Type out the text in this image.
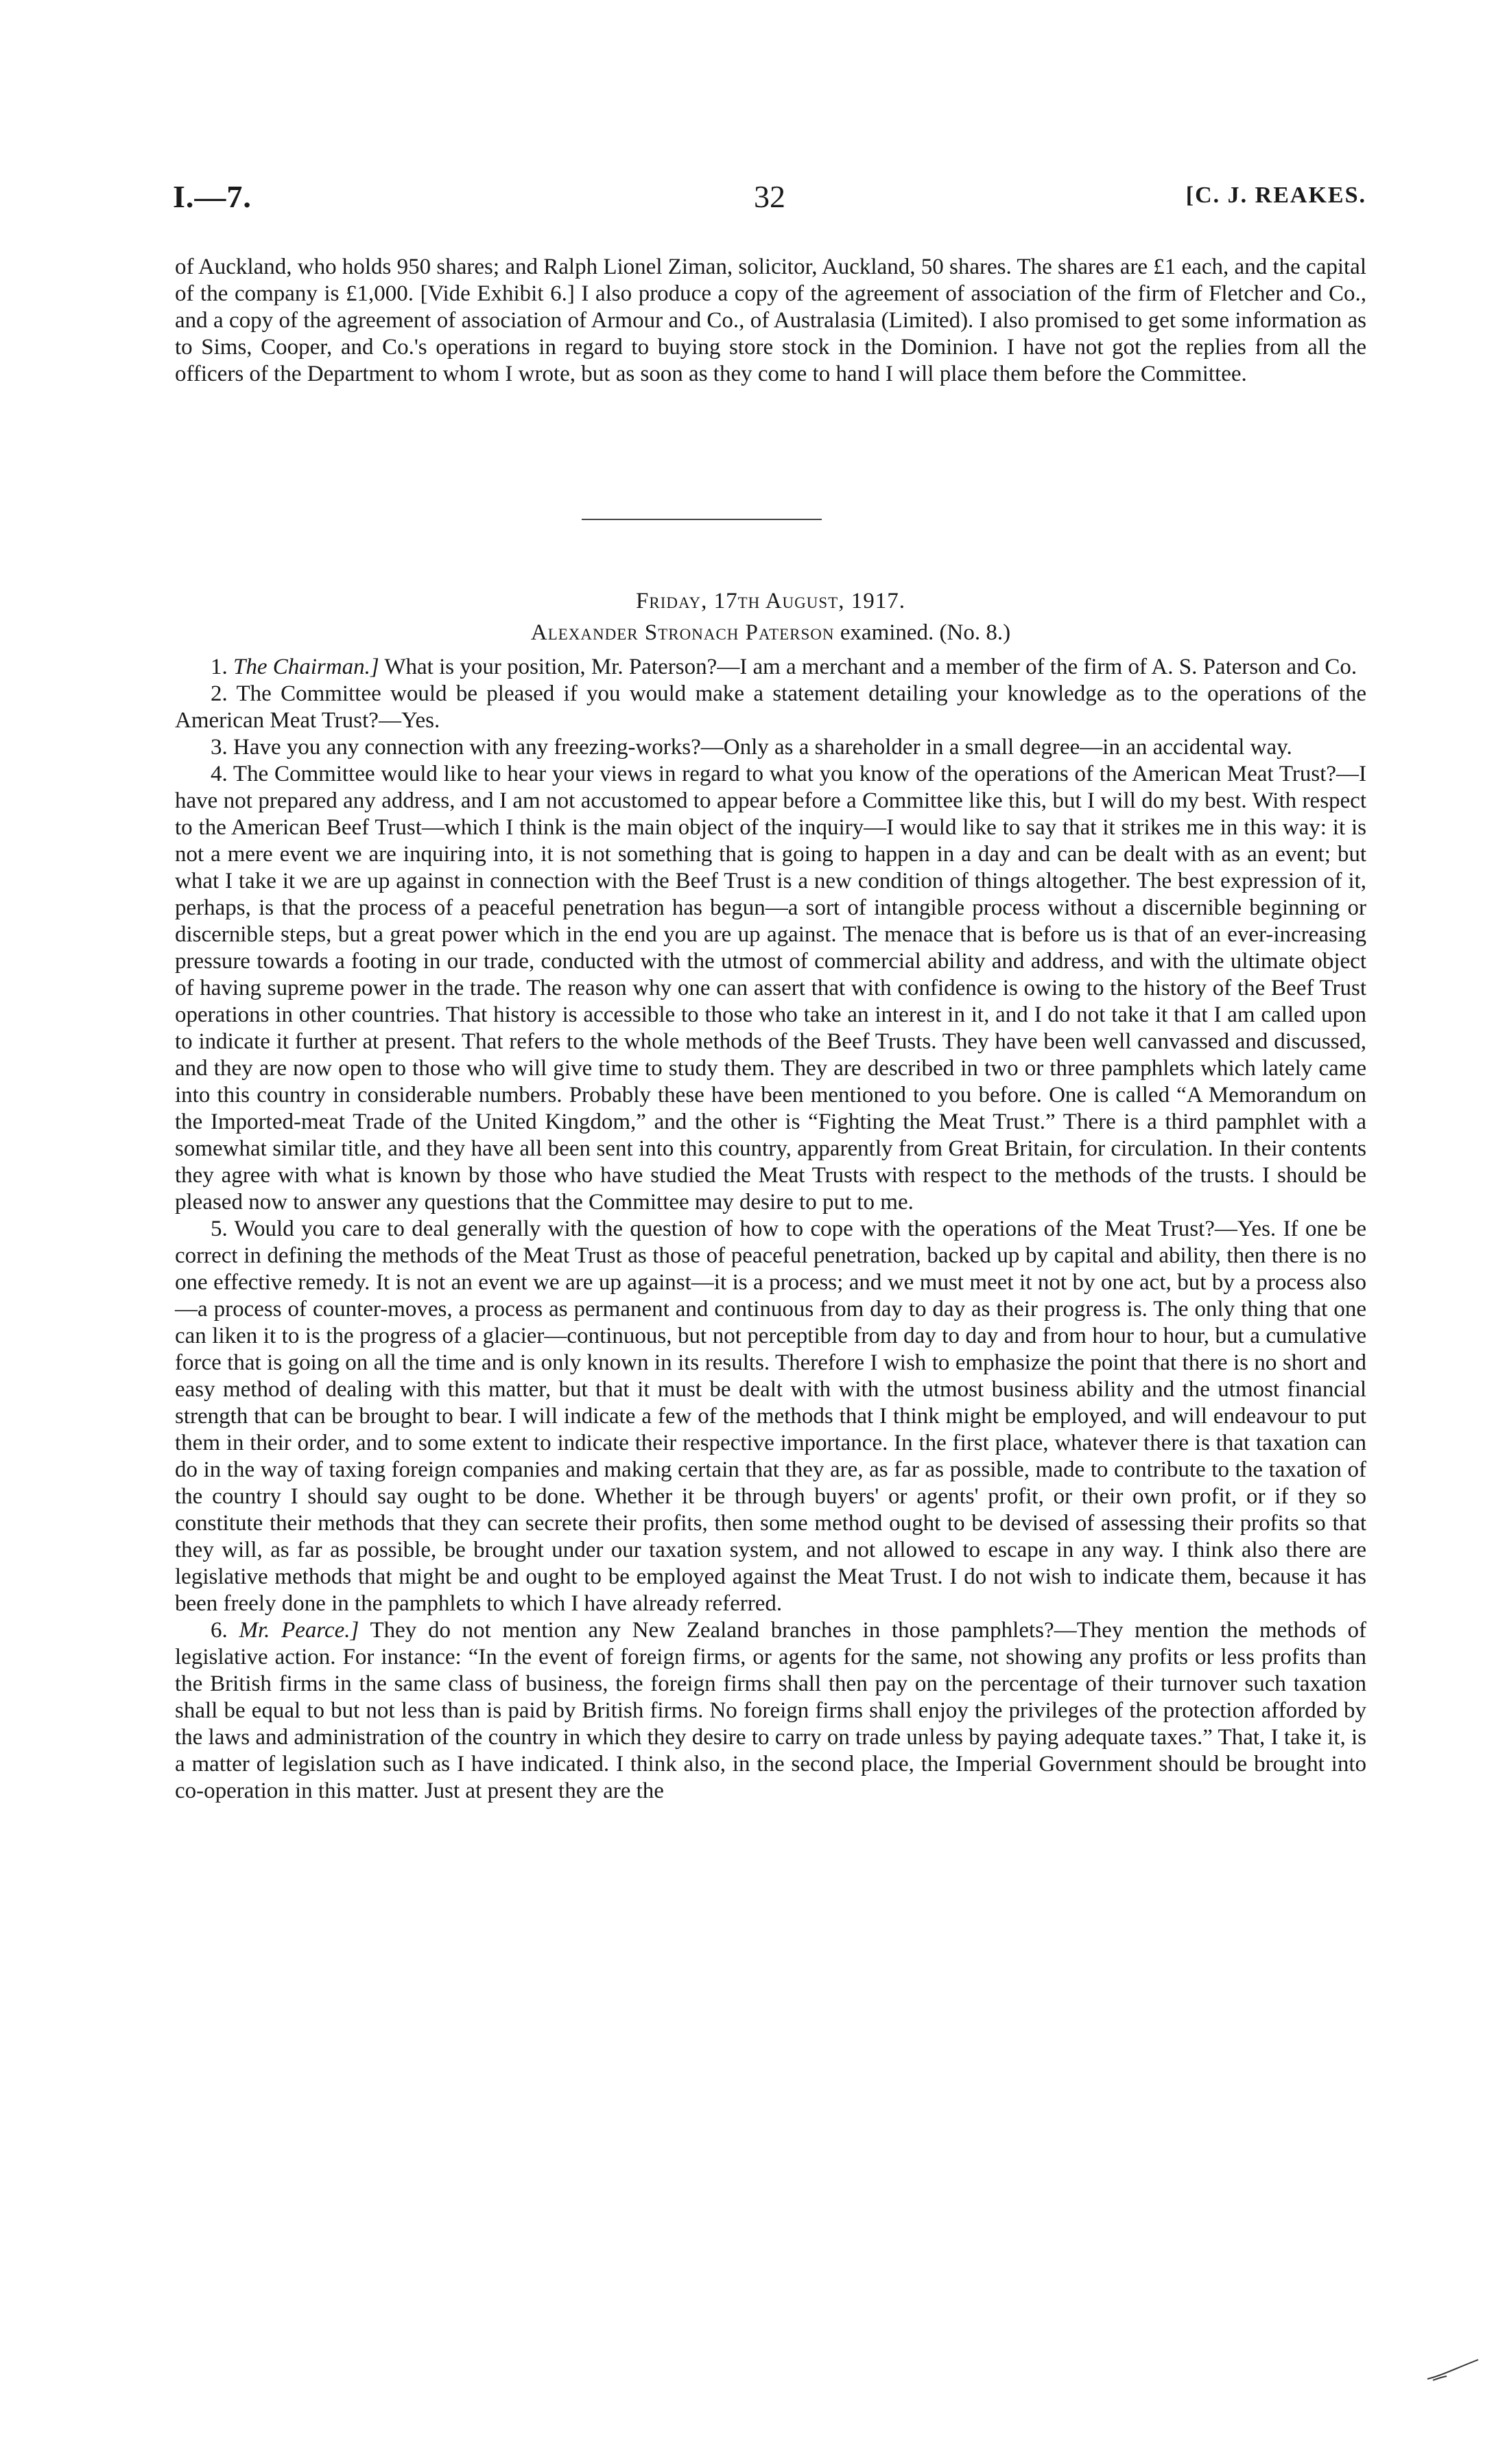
I.—7.	32	[C. J. REAKES.

of Auckland, who holds 950 shares; and Ralph Lionel Ziman, solicitor, Auckland, 50 shares. The shares are £1 each, and the capital of the company is £1,000. [Vide Exhibit 6.] I also produce a copy of the agreement of association of the firm of Fletcher and Co., and a copy of the agreement of association of Armour and Co., of Australasia (Limited). I also promised to get some information as to Sims, Cooper, and Co.'s operations in regard to buying store stock in the Dominion. I have not got the replies from all the officers of the Department to whom I wrote, but as soon as they come to hand I will place them before the Committee.

Friday, 17th August, 1917.
Alexander Stronach Paterson examined. (No. 8.)

1. The Chairman.] What is your position, Mr. Paterson?—I am a merchant and a member of the firm of A. S. Paterson and Co.

2. The Committee would be pleased if you would make a statement detailing your knowledge as to the operations of the American Meat Trust?—Yes.

3. Have you any connection with any freezing-works?—Only as a shareholder in a small degree—in an accidental way.

4. The Committee would like to hear your views in regard to what you know of the operations of the American Meat Trust?—I have not prepared any address, and I am not accustomed to appear before a Committee like this, but I will do my best. With respect to the American Beef Trust—which I think is the main object of the inquiry—I would like to say that it strikes me in this way: it is not a mere event we are inquiring into, it is not something that is going to happen in a day and can be dealt with as an event; but what I take it we are up against in connection with the Beef Trust is a new condition of things altogether. The best expression of it, perhaps, is that the process of a peaceful penetration has begun—a sort of intangible process without a discernible beginning or discernible steps, but a great power which in the end you are up against. The menace that is before us is that of an ever-increasing pressure towards a footing in our trade, conducted with the utmost of commercial ability and address, and with the ultimate object of having supreme power in the trade. The reason why one can assert that with confidence is owing to the history of the Beef Trust operations in other countries. That history is accessible to those who take an interest in it, and I do not take it that I am called upon to indicate it further at present. That refers to the whole methods of the Beef Trusts. They have been well canvassed and discussed, and they are now open to those who will give time to study them. They are described in two or three pamphlets which lately came into this country in considerable numbers. Probably these have been mentioned to you before. One is called “A Memorandum on the Imported-meat Trade of the United Kingdom,” and the other is “Fighting the Meat Trust.” There is a third pamphlet with a somewhat similar title, and they have all been sent into this country, apparently from Great Britain, for circulation. In their contents they agree with what is known by those who have studied the Meat Trusts with respect to the methods of the trusts. I should be pleased now to answer any questions that the Committee may desire to put to me.

5. Would you care to deal generally with the question of how to cope with the operations of the Meat Trust?—Yes. If one be correct in defining the methods of the Meat Trust as those of peaceful penetration, backed up by capital and ability, then there is no one effective remedy. It is not an event we are up against—it is a process; and we must meet it not by one act, but by a process also—a process of counter-moves, a process as permanent and continuous from day to day as their progress is. The only thing that one can liken it to is the progress of a glacier—continuous, but not perceptible from day to day and from hour to hour, but a cumulative force that is going on all the time and is only known in its results. Therefore I wish to emphasize the point that there is no short and easy method of dealing with this matter, but that it must be dealt with with the utmost business ability and the utmost financial strength that can be brought to bear. I will indicate a few of the methods that I think might be employed, and will endeavour to put them in their order, and to some extent to indicate their respective importance. In the first place, whatever there is that taxation can do in the way of taxing foreign companies and making certain that they are, as far as possible, made to contribute to the taxation of the country I should say ought to be done. Whether it be through buyers' or agents' profit, or their own profit, or if they so constitute their methods that they can secrete their profits, then some method ought to be devised of assessing their profits so that they will, as far as possible, be brought under our taxation system, and not allowed to escape in any way. I think also there are legislative methods that might be and ought to be employed against the Meat Trust. I do not wish to indicate them, because it has been freely done in the pamphlets to which I have already referred.

6. Mr. Pearce.] They do not mention any New Zealand branches in those pamphlets?—They mention the methods of legislative action. For instance: “In the event of foreign firms, or agents for the same, not showing any profits or less profits than the British firms in the same class of business, the foreign firms shall then pay on the percentage of their turnover such taxation shall be equal to but not less than is paid by British firms. No foreign firms shall enjoy the privileges of the protection afforded by the laws and administration of the country in which they desire to carry on trade unless by paying adequate taxes.” That, I take it, is a matter of legislation such as I have indicated. I think also, in the second place, the Imperial Government should be brought into co-operation in this matter. Just at present they are the
